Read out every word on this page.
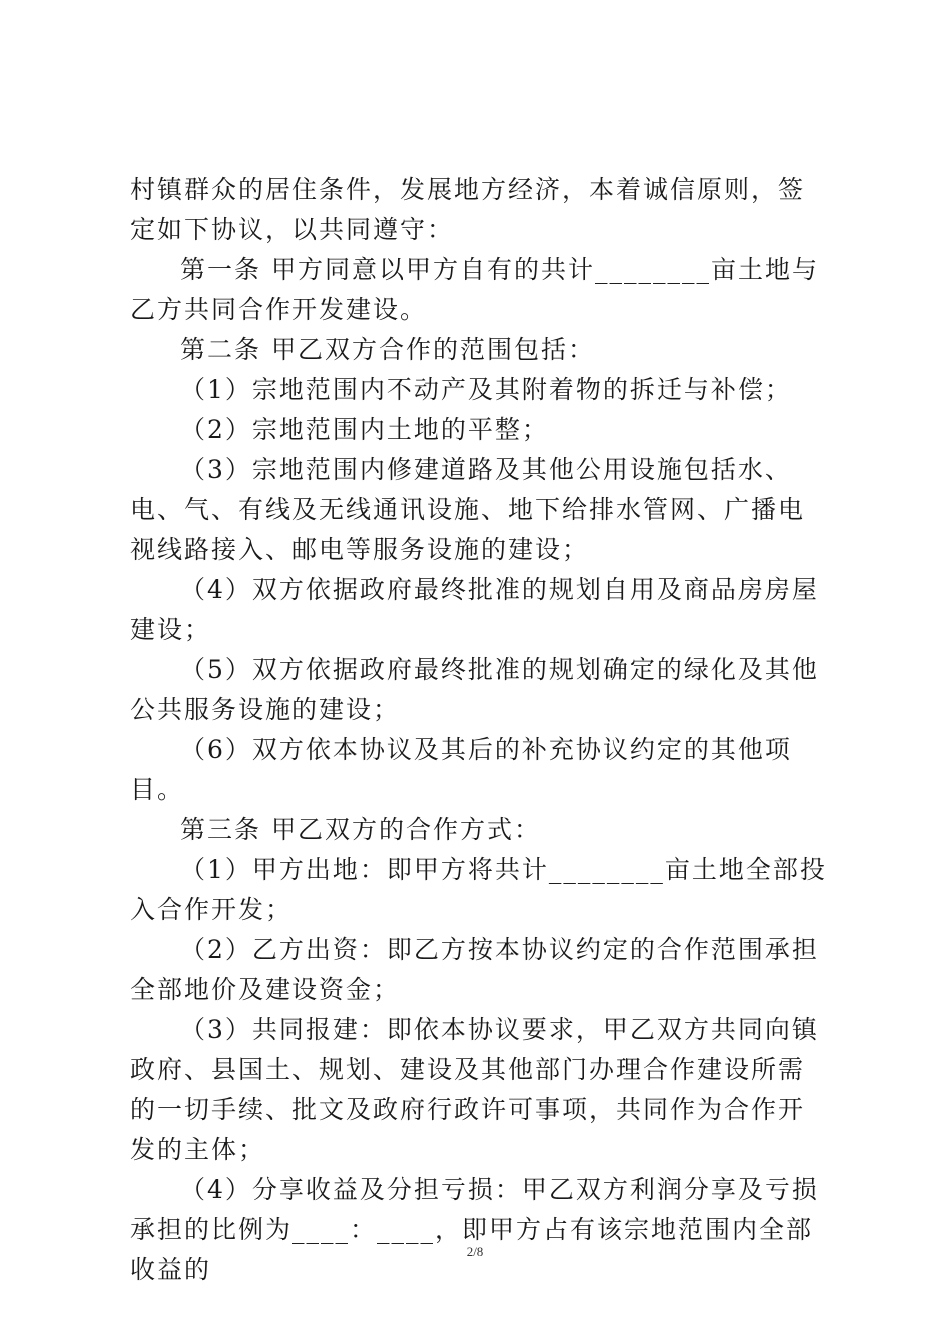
村镇群众的居住条件，发展地方经济，本着诚信原则，签定如下协议，以共同遵守：

第一条 甲方同意以甲方自有的共计________亩土地与乙方共同合作开发建设。

第二条 甲乙双方合作的范围包括：

（1）宗地范围内不动产及其附着物的拆迁与补偿；

（2）宗地范围内土地的平整；

（3）宗地范围内修建道路及其他公用设施包括水、电、气、有线及无线通讯设施、地下给排水管网、广播电视线路接入、邮电等服务设施的建设；

（4）双方依据政府最终批准的规划自用及商品房房屋建设；

（5）双方依据政府最终批准的规划确定的绿化及其他公共服务设施的建设；

（6）双方依本协议及其后的补充协议约定的其他项目。

第三条 甲乙双方的合作方式：

（1）甲方出地：即甲方将共计________亩土地全部投入合作开发；

（2）乙方出资：即乙方按本协议约定的合作范围承担全部地价及建设资金；

（3）共同报建：即依本协议要求，甲乙双方共同向镇政府、县国土、规划、建设及其他部门办理合作建设所需的一切手续、批文及政府行政许可事项，共同作为合作开发的主体；

（4）分享收益及分担亏损：甲乙双方利润分享及亏损承担的比例为____：____，即甲方占有该宗地范围内全部收益的

2/8
